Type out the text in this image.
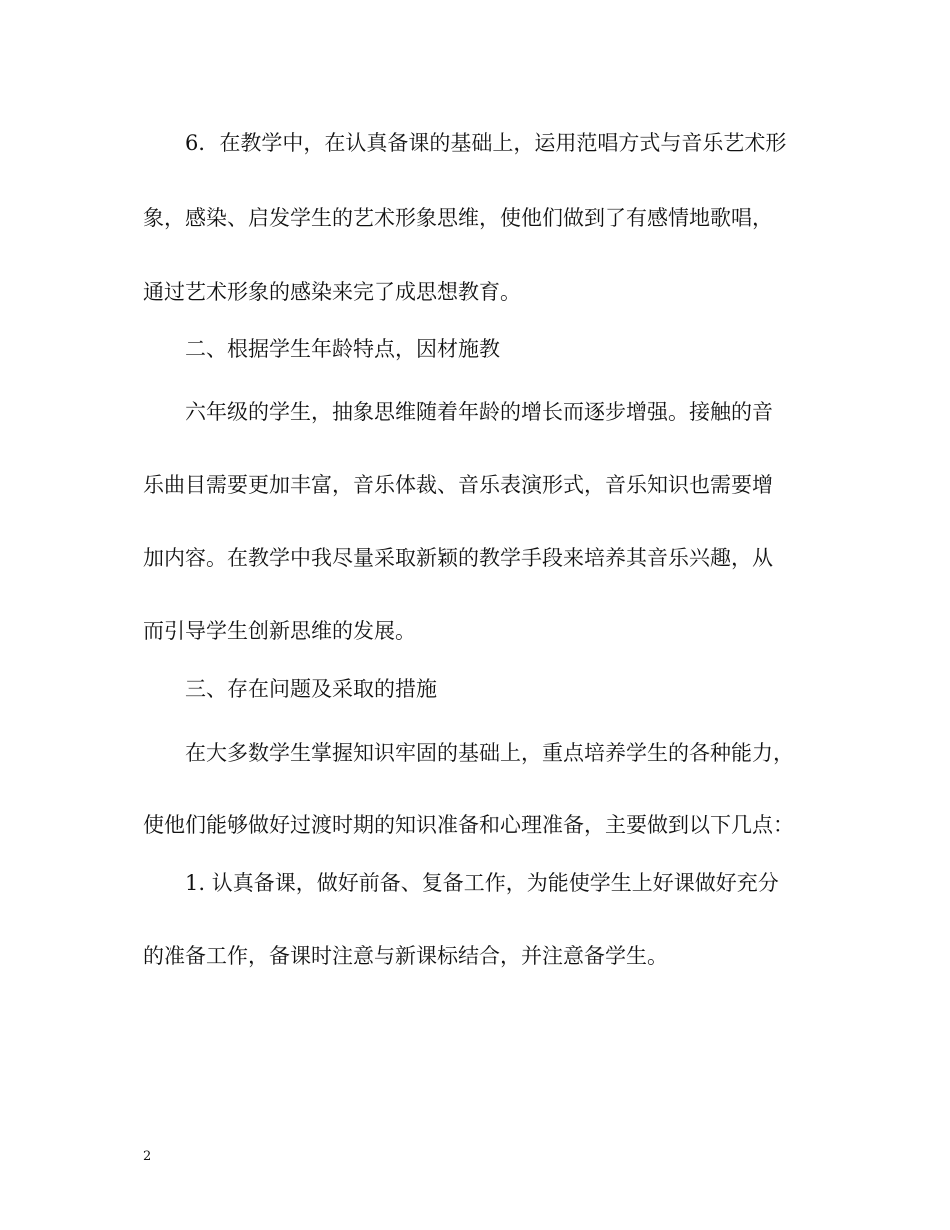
6．在教学中，在认真备课的基础上，运用范唱方式与音乐艺术形
象，感染、启发学生的艺术形象思维，使他们做到了有感情地歌唱，
通过艺术形象的感染来完了成思想教育。
二、根据学生年龄特点，因材施教
六年级的学生，抽象思维随着年龄的增长而逐步增强。接触的音
乐曲目需要更加丰富，音乐体裁、音乐表演形式，音乐知识也需要增
加内容。在教学中我尽量采取新颖的教学手段来培养其音乐兴趣，从
而引导学生创新思维的发展。
三、存在问题及采取的措施
在大多数学生掌握知识牢固的基础上，重点培养学生的各种能力，
使他们能够做好过渡时期的知识准备和心理准备，主要做到以下几点：
1. 认真备课，做好前备、复备工作，为能使学生上好课做好充分
的准备工作，备课时注意与新课标结合，并注意备学生。
2
